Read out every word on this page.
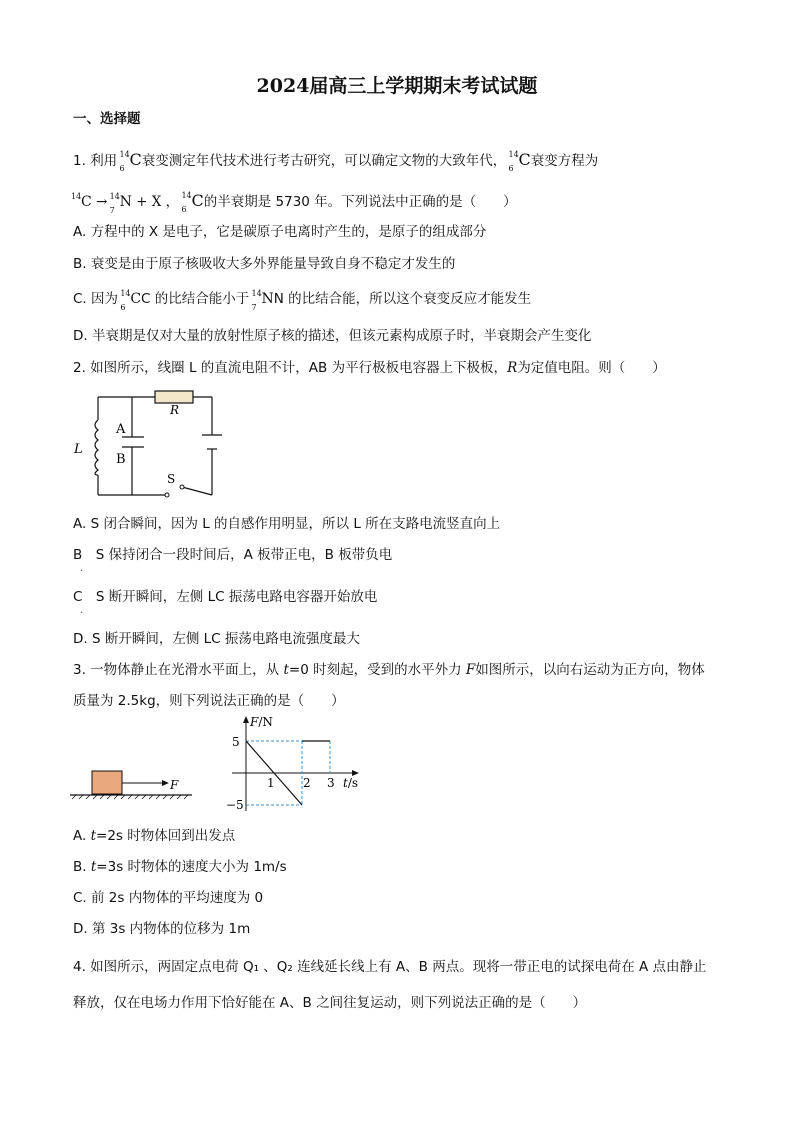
2024届高三上学期期末考试试题
一、选择题
1. 利用 14
6 C衰变测定年代技术进行考古研究，可以确定文物的大致年代， 14
6 C衰变方程为
14 C →
14
7
N + X ， 14
6 C的半衰期是 5730 年。下列说法中正确的是（　　）
A. 方程中的 X 是电子，它是碳原子电离时产生的，是原子的组成部分
B. 衰变是由于原子核吸收大多外界能量导致自身不稳定才发生的
C. 因为 14
6
CC 的比结合能小于 14
7
NN 的比结合能，所以这个衰变反应才能发生
D. 半衰期是仅对大量的放射性原子核的描述，但该元素构成原子时，半衰期会产生变化
2. 如图所示，线圈 L 的直流电阻不计，AB 为平行极板电容器上下极板，R为定值电阻。则（　　）
L
A
B
R
S
A. S 闭合瞬间，因为 L 的自感作用明显，所以 L 所在支路电流竖直向上
B　S 保持闭合一段时间后，A 板带正电，B 板带负电
.
C　S 断开瞬间，左侧 LC 振荡电路电容器开始放电
.
D. S 断开瞬间，左侧 LC 振荡电路电流强度最大
3. 一物体静止在光滑水平面上，从 t=0 时刻起，受到的水平外力 F如图所示，以向右运动为正方向，物体
质量为 2.5kg，则下列说法正确的是（　　）
F
F/N
t/s
5
−5
1 2 3
A. t=2s 时物体回到出发点
B. t=3s 时物体的速度大小为 1m/s
C. 前 2s 内物体的平均速度为 0
D. 第 3s 内物体的位移为 1m
4. 如图所示，两固定点电荷 Q₁ 、Q₂ 连线延长线上有 A、B 两点。现将一带正电的试探电荷在 A 点由静止
释放，仅在电场力作用下恰好能在 A、B 之间往复运动，则下列说法正确的是（　　）
